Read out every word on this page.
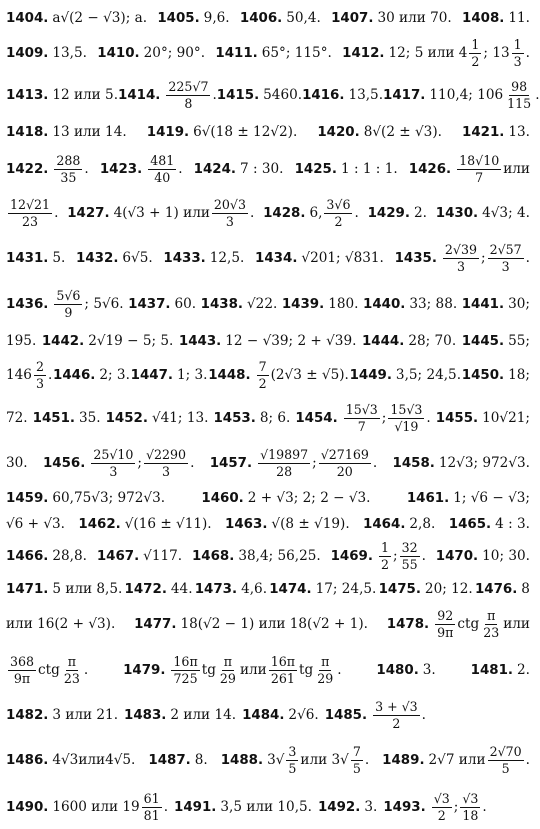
1404. a√(2 − √3); a. 1405. 9,6. 1406. 50,4. 1407. 30 или 70. 1408. 11.
1409. 13,5. 1410. 20°; 90°. 1411. 65°; 115°. 1412. 12; 5 или $4 \frac{1}{2}$ ; $13 \frac{1}{3}$ .
1413. 12 или 5. 1414. $\frac{225√7}{8}$ . 1415. 5460. 1416. 13,5. 1417. 110,4; $106 \frac{98}{115}$ .
1418. 13 или 14. 1419. 6√(18 ± 12√2). 1420. 8√(2 ± √3). 1421. 13.
1422. $\frac{288}{35}$ . 1423. $\frac{481}{40}$ . 1424. 7 : 30. 1425. 1 : 1 : 1. 1426. $\frac{18√10}{7}$ или
$\frac{12√21}{23}$ . 1427. 4(√3 + 1) или $\frac{20√3}{3}$ . 1428. 6, $\frac{3√6}{2}$ . 1429. 2. 1430. 4√3; 4.
1431. 5. 1432. 6√5. 1433. 12,5. 1434. √201; √831. 1435. $\frac{2√39}{3}$ ; $\frac{2√57}{3}$ .
1436. $\frac{5√6}{9}$ ; 5√6. 1437. 60. 1438. √22. 1439. 180. 1440. 33; 88. 1441. 30;
195. 1442. 2√19 − 5; 5. 1443. 12 − √39; 2 + √39. 1444. 28; 70. 1445. 55;
$146 \frac{2}{3}$ . 1446. 2; 3. 1447. 1; 3. 1448. $\frac{7}{2} (2√3 \pm √5)$. 1449. 3,5; 24,5. 1450. 18;
72. 1451. 35. 1452. √41; 13. 1453. 8; 6. 1454. $\frac{15√3}{7}$ ; $\frac{15√3}{√19}$ . 1455. 10√21;
30. 1456. $\frac{25√10}{3}$ ; $\frac{√2290}{3}$ . 1457. $\frac{√19897}{28}$ ; $\frac{√27169}{20}$ . 1458. 12√3; 972√3.
1459. 60,75√3; 972√3.	1460. 2 + √3; 2; 2 − √3.	1461. 1; √6 − √3;
√6 + √3. 1462. √(16 ± √11). 1463. √(8 ± √19). 1464. 2,8. 1465. 4 : 3.
1466. 28,8. 1467. √117. 1468. 38,4; 56,25. 1469. $\frac{1}{2}$ ; $\frac{32}{55}$ . 1470. 10; 30.
1471. 5 или 8,5. 1472. 44. 1473. 4,6. 1474. 17; 24,5. 1475. 20; 12. 1476. 8
или 16(2 + √3). 1477. 18(√2 − 1) или 18(√2 + 1). 1478. $\frac{92}{9\pi}$ ctg $\frac{\pi}{23}$ или
$\frac{368}{9\pi}$ ctg $\frac{\pi}{23}$ .	1479. $\frac{16\pi}{725}$ tg $\frac{\pi}{29}$ или $\frac{16\pi}{261}$ tg $\frac{\pi}{29}$ .	1480. 3.	1481. 2.
1482. 3 или 21. 1483. 2 или 14. 1484. 2√6. 1485. $\frac{3 + √3}{2}$ .
1486. 4√3или4√5. 1487. 8. 1488. $3√ \frac{3}{5}$ или $3√ \frac{7}{5}$ . 1489. 2√7 или $\frac{2√70}{5}$ .
1490. 1600 или $19 \frac{61}{81}$ . 1491. 3,5 или 10,5. 1492. 3. 1493. $\frac{√3}{2}$ ; $\frac{√3}{18}$ .
